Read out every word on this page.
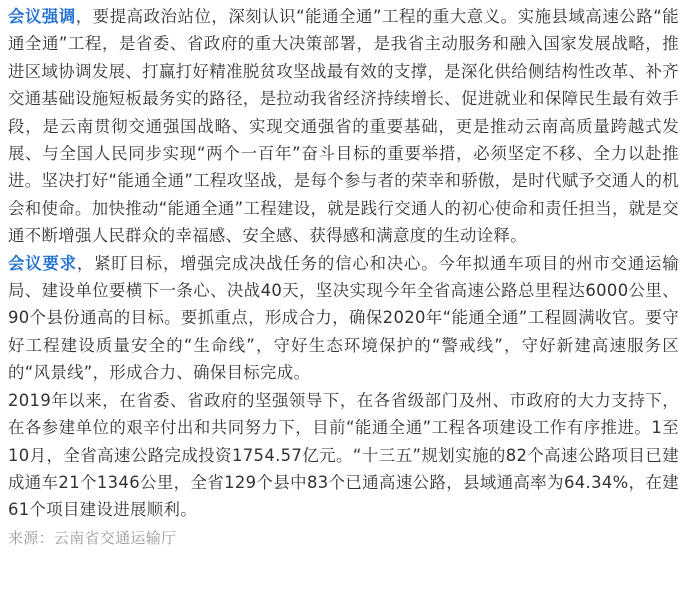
会议强调，要提高政治站位，深刻认识“能通全通”工程的重大意义。实施县域高速公路“能通全通”工程，是省委、省政府的重大决策部署，是我省主动服务和融入国家发展战略，推进区域协调发展、打赢打好精准脱贫攻坚战最有效的支撑，是深化供给侧结构性改革、补齐交通基础设施短板最务实的路径，是拉动我省经济持续增长、促进就业和保障民生最有效手段，是云南贯彻交通强国战略、实现交通强省的重要基础，更是推动云南高质量跨越式发展、与全国人民同步实现“两个一百年”奋斗目标的重要举措，必须坚定不移、全力以赴推进。坚决打好“能通全通”工程攻坚战，是每个参与者的荣幸和骄傲，是时代赋予交通人的机会和使命。加快推动“能通全通”工程建设，就是践行交通人的初心使命和责任担当，就是交通不断增强人民群众的幸福感、安全感、获得感和满意度的生动诠释。

会议要求，紧盯目标，增强完成决战任务的信心和决心。今年拟通车项目的州市交通运输局、建设单位要横下一条心、决战40天，坚决实现今年全省高速公路总里程达6000公里、90个县份通高的目标。要抓重点，形成合力，确保2020年“能通全通”工程圆满收官。要守好工程建设质量安全的“生命线”，守好生态环境保护的“警戒线”，守好新建高速服务区的“风景线”，形成合力、确保目标完成。

2019年以来，在省委、省政府的坚强领导下，在各省级部门及州、市政府的大力支持下，在各参建单位的艰辛付出和共同努力下，目前“能通全通”工程各项建设工作有序推进。1至10月，全省高速公路完成投资1754.57亿元。“十三五”规划实施的82个高速公路项目已建成通车21个1346公里，全省129个县中83个已通高速公路，县域通高率为64.34%，在建61个项目建设进展顺利。

来源：云南省交通运输厅
